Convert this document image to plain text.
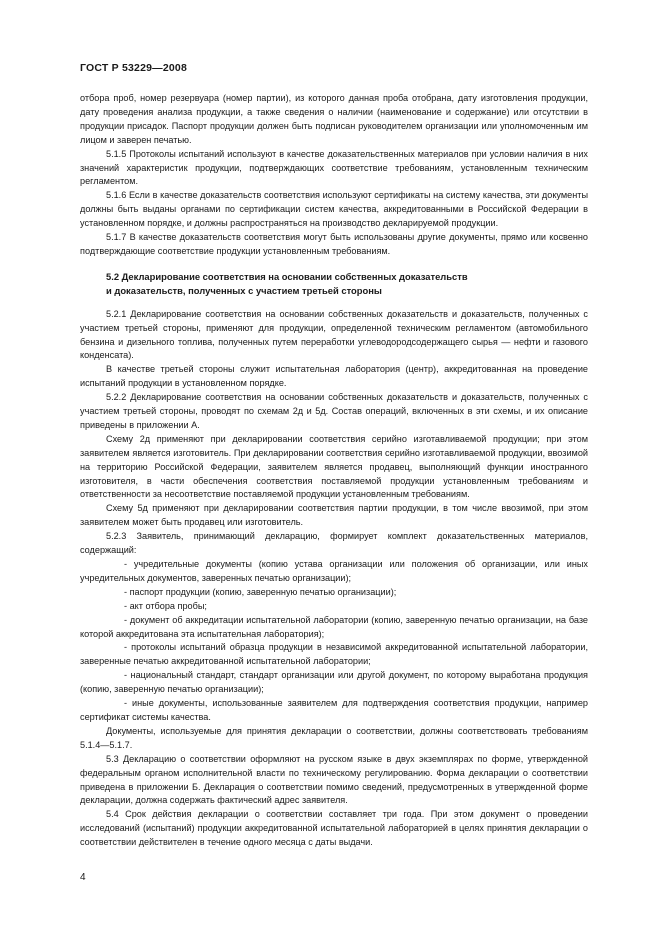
ГОСТ Р 53229—2008

отбора проб, номер резервуара (номер партии), из которого данная проба отобрана, дату изготовления продукции, дату проведения анализа продукции, а также сведения о наличии (наименование и содержание) или отсутствии в продукции присадок. Паспорт продукции должен быть подписан руководителем организации или уполномоченным им лицом и заверен печатью.

5.1.5 Протоколы испытаний используют в качестве доказательственных материалов при условии наличия в них значений характеристик продукции, подтверждающих соответствие требованиям, установленным техническим регламентом.

5.1.6 Если в качестве доказательств соответствия используют сертификаты на систему качества, эти документы должны быть выданы органами по сертификации систем качества, аккредитованными в Российской Федерации в установленном порядке, и должны распространяться на производство декларируемой продукции.

5.1.7 В качестве доказательств соответствия могут быть использованы другие документы, прямо или косвенно подтверждающие соответствие продукции установленным требованиям.

5.2 Декларирование соответствия на основании собственных доказательств
и доказательств, полученных с участием третьей стороны

5.2.1 Декларирование соответствия на основании собственных доказательств и доказательств, полученных с участием третьей стороны, применяют для продукции, определенной техническим регламентом (автомобильного бензина и дизельного топлива, полученных путем переработки углеводородсодержащего сырья — нефти и газового конденсата).

В качестве третьей стороны служит испытательная лаборатория (центр), аккредитованная на проведение испытаний продукции в установленном порядке.

5.2.2 Декларирование соответствия на основании собственных доказательств и доказательств, полученных с участием третьей стороны, проводят по схемам 2д и 5д. Состав операций, включенных в эти схемы, и их описание приведены в приложении А.

Схему 2д применяют при декларировании соответствия серийно изготавливаемой продукции; при этом заявителем является изготовитель. При декларировании соответствия серийно изготавливаемой продукции, ввозимой на территорию Российской Федерации, заявителем является продавец, выполняющий функции иностранного изготовителя, в части обеспечения соответствия поставляемой продукции установленным требованиям и ответственности за несоответствие поставляемой продукции установленным требованиям.

Схему 5д применяют при декларировании соответствия партии продукции, в том числе ввозимой, при этом заявителем может быть продавец или изготовитель.

5.2.3 Заявитель, принимающий декларацию, формирует комплект доказательственных материалов, содержащий:

- учредительные документы (копию устава организации или положения об организации, или иных учредительных документов, заверенных печатью организации);

- паспорт продукции (копию, заверенную печатью организации);

- акт отбора пробы;

- документ об аккредитации испытательной лаборатории (копию, заверенную печатью организации, на базе которой аккредитована эта испытательная лаборатория);

- протоколы испытаний образца продукции в независимой аккредитованной испытательной лаборатории, заверенные печатью аккредитованной испытательной лаборатории;

- национальный стандарт, стандарт организации или другой документ, по которому выработана продукция (копию, заверенную печатью организации);

- иные документы, использованные заявителем для подтверждения соответствия продукции, например сертификат системы качества.

Документы, используемые для принятия декларации о соответствии, должны соответствовать требованиям 5.1.4—5.1.7.

5.3 Декларацию о соответствии оформляют на русском языке в двух экземплярах по форме, утвержденной федеральным органом исполнительной власти по техническому регулированию. Форма декларации о соответствии приведена в приложении Б. Декларация о соответствии помимо сведений, предусмотренных в утвержденной форме декларации, должна содержать фактический адрес заявителя.

5.4 Срок действия декларации о соответствии составляет три года. При этом документ о проведении исследований (испытаний) продукции аккредитованной испытательной лабораторией в целях принятия декларации о соответствии действителен в течение одного месяца с даты выдачи.

4
